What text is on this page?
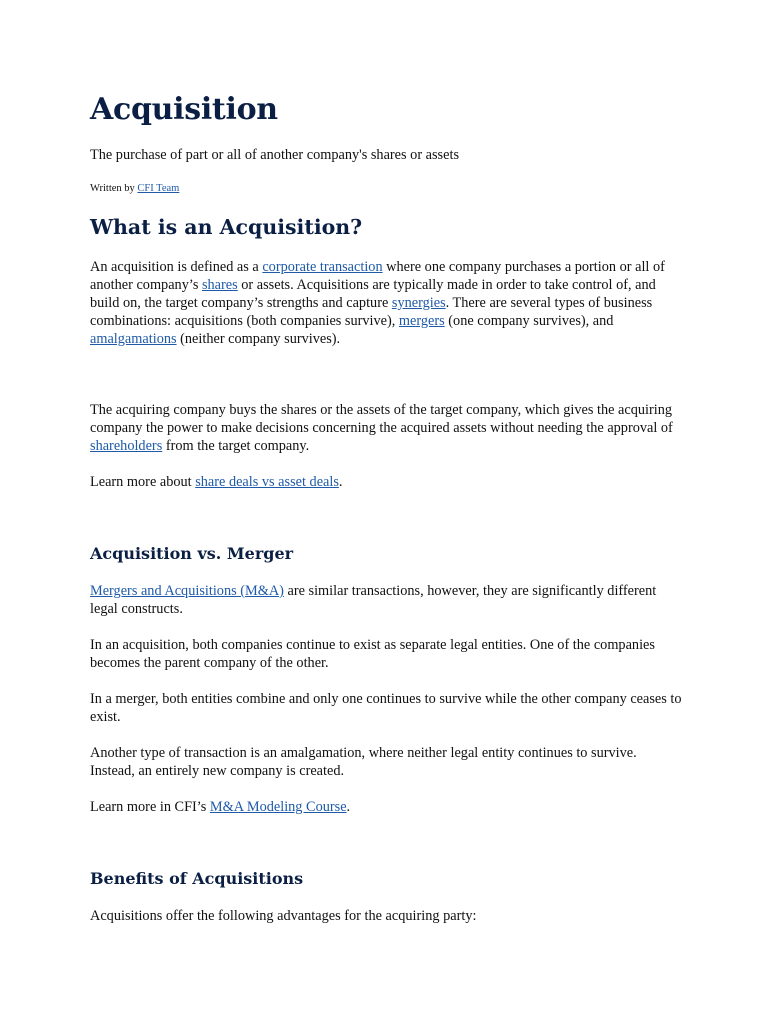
Acquisition

The purchase of part or all of another company's shares or assets

Written by CFI Team

What is an Acquisition?

An acquisition is defined as a corporate transaction where one company purchases a portion or all of another company’s shares or assets. Acquisitions are typically made in order to take control of, and build on, the target company’s strengths and capture synergies. There are several types of business combinations: acquisitions (both companies survive), mergers (one company survives), and amalgamations (neither company survives).

The acquiring company buys the shares or the assets of the target company, which gives the acquiring company the power to make decisions concerning the acquired assets without needing the approval of shareholders from the target company.

Learn more about share deals vs asset deals.

Acquisition vs. Merger

Mergers and Acquisitions (M&A) are similar transactions, however, they are significantly different legal constructs.

In an acquisition, both companies continue to exist as separate legal entities. One of the companies becomes the parent company of the other.

In a merger, both entities combine and only one continues to survive while the other company ceases to exist.

Another type of transaction is an amalgamation, where neither legal entity continues to survive. Instead, an entirely new company is created.

Learn more in CFI’s M&A Modeling Course.

Benefits of Acquisitions

Acquisitions offer the following advantages for the acquiring party:
